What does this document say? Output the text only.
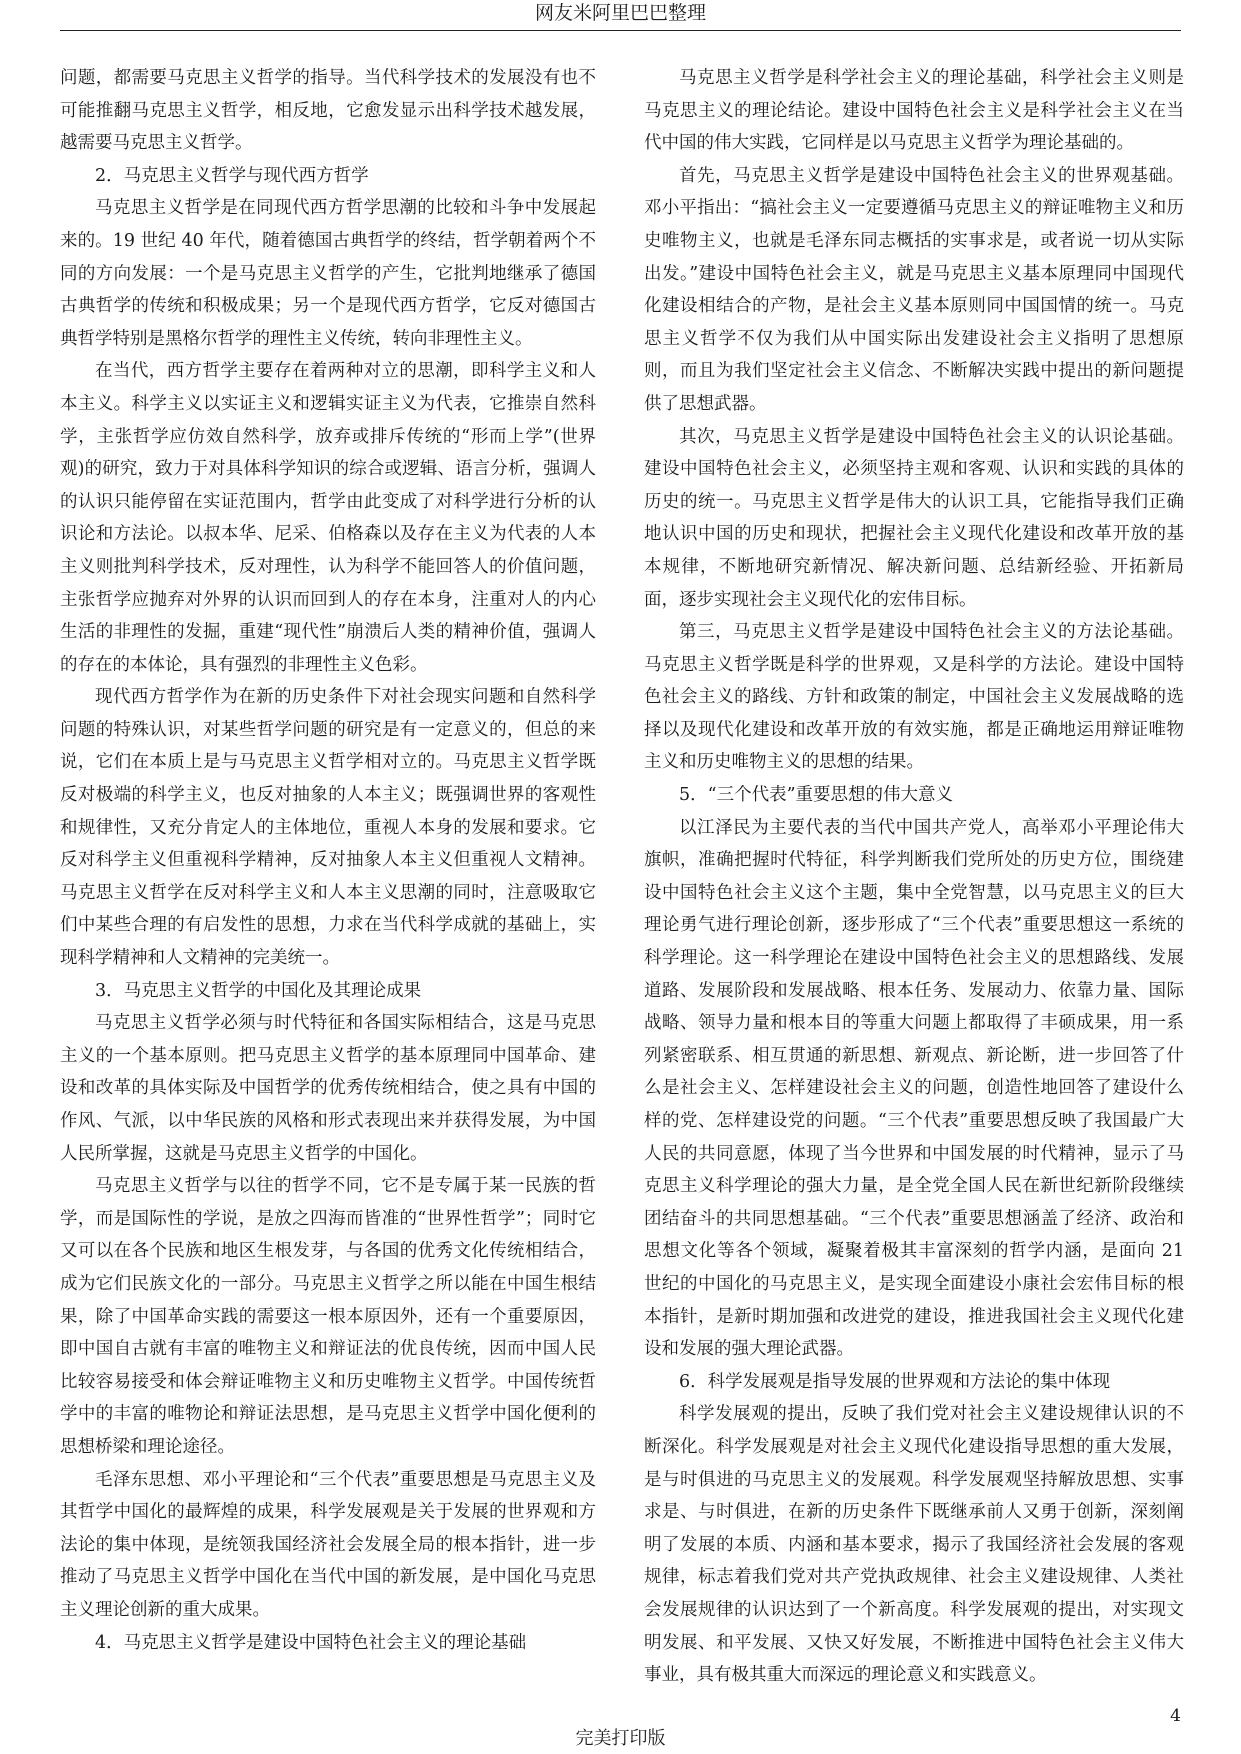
网友米阿里巴巴整理

问题，都需要马克思主义哲学的指导。当代科学技术的发展没有也不可能推翻马克思主义哲学，相反地，它愈发显示出科学技术越发展，越需要马克思主义哲学。

2．马克思主义哲学与现代西方哲学

马克思主义哲学是在同现代西方哲学思潮的比较和斗争中发展起来的。19 世纪 40 年代，随着德国古典哲学的终结，哲学朝着两个不同的方向发展：一个是马克思主义哲学的产生，它批判地继承了德国古典哲学的传统和积极成果；另一个是现代西方哲学，它反对德国古典哲学特别是黑格尔哲学的理性主义传统，转向非理性主义。

在当代，西方哲学主要存在着两种对立的思潮，即科学主义和人本主义。科学主义以实证主义和逻辑实证主义为代表，它推崇自然科学，主张哲学应仿效自然科学，放弃或排斥传统的“形而上学”(世界观)的研究，致力于对具体科学知识的综合或逻辑、语言分析，强调人的认识只能停留在实证范围内，哲学由此变成了对科学进行分析的认识论和方法论。以叔本华、尼采、伯格森以及存在主义为代表的人本主义则批判科学技术，反对理性，认为科学不能回答人的价值问题，主张哲学应抛弃对外界的认识而回到人的存在本身，注重对人的内心生活的非理性的发掘，重建“现代性”崩溃后人类的精神价值，强调人的存在的本体论，具有强烈的非理性主义色彩。

现代西方哲学作为在新的历史条件下对社会现实问题和自然科学问题的特殊认识，对某些哲学问题的研究是有一定意义的，但总的来说，它们在本质上是与马克思主义哲学相对立的。马克思主义哲学既反对极端的科学主义，也反对抽象的人本主义；既强调世界的客观性和规律性，又充分肯定人的主体地位，重视人本身的发展和要求。它反对科学主义但重视科学精神，反对抽象人本主义但重视人文精神。马克思主义哲学在反对科学主义和人本主义思潮的同时，注意吸取它们中某些合理的有启发性的思想，力求在当代科学成就的基础上，实现科学精神和人文精神的完美统一。

3．马克思主义哲学的中国化及其理论成果

马克思主义哲学必须与时代特征和各国实际相结合，这是马克思主义的一个基本原则。把马克思主义哲学的基本原理同中国革命、建设和改革的具体实际及中国哲学的优秀传统相结合，使之具有中国的作风、气派，以中华民族的风格和形式表现出来并获得发展，为中国人民所掌握，这就是马克思主义哲学的中国化。

马克思主义哲学与以往的哲学不同，它不是专属于某一民族的哲学，而是国际性的学说，是放之四海而皆准的“世界性哲学”；同时它又可以在各个民族和地区生根发芽，与各国的优秀文化传统相结合，成为它们民族文化的一部分。马克思主义哲学之所以能在中国生根结果，除了中国革命实践的需要这一根本原因外，还有一个重要原因，即中国自古就有丰富的唯物主义和辩证法的优良传统，因而中国人民比较容易接受和体会辩证唯物主义和历史唯物主义哲学。中国传统哲学中的丰富的唯物论和辩证法思想，是马克思主义哲学中国化便利的思想桥梁和理论途径。

毛泽东思想、邓小平理论和“三个代表”重要思想是马克思主义及其哲学中国化的最辉煌的成果，科学发展观是关于发展的世界观和方法论的集中体现，是统领我国经济社会发展全局的根本指针，进一步推动了马克思主义哲学中国化在当代中国的新发展，是中国化马克思主义理论创新的重大成果。

4．马克思主义哲学是建设中国特色社会主义的理论基础

马克思主义哲学是科学社会主义的理论基础，科学社会主义则是马克思主义的理论结论。建设中国特色社会主义是科学社会主义在当代中国的伟大实践，它同样是以马克思主义哲学为理论基础的。

首先，马克思主义哲学是建设中国特色社会主义的世界观基础。邓小平指出：“搞社会主义一定要遵循马克思主义的辩证唯物主义和历史唯物主义，也就是毛泽东同志概括的实事求是，或者说一切从实际出发。”建设中国特色社会主义，就是马克思主义基本原理同中国现代化建设相结合的产物，是社会主义基本原则同中国国情的统一。马克思主义哲学不仅为我们从中国实际出发建设社会主义指明了思想原则，而且为我们坚定社会主义信念、不断解决实践中提出的新问题提供了思想武器。

其次，马克思主义哲学是建设中国特色社会主义的认识论基础。建设中国特色社会主义，必须坚持主观和客观、认识和实践的具体的历史的统一。马克思主义哲学是伟大的认识工具，它能指导我们正确地认识中国的历史和现状，把握社会主义现代化建设和改革开放的基本规律，不断地研究新情况、解决新问题、总结新经验、开拓新局面，逐步实现社会主义现代化的宏伟目标。

第三，马克思主义哲学是建设中国特色社会主义的方法论基础。马克思主义哲学既是科学的世界观，又是科学的方法论。建设中国特色社会主义的路线、方针和政策的制定，中国社会主义发展战略的选择以及现代化建设和改革开放的有效实施，都是正确地运用辩证唯物主义和历史唯物主义的思想的结果。

5．“三个代表”重要思想的伟大意义

以江泽民为主要代表的当代中国共产党人，高举邓小平理论伟大旗帜，准确把握时代特征，科学判断我们党所处的历史方位，围绕建设中国特色社会主义这个主题，集中全党智慧，以马克思主义的巨大理论勇气进行理论创新，逐步形成了“三个代表”重要思想这一系统的科学理论。这一科学理论在建设中国特色社会主义的思想路线、发展道路、发展阶段和发展战略、根本任务、发展动力、依靠力量、国际战略、领导力量和根本目的等重大问题上都取得了丰硕成果，用一系列紧密联系、相互贯通的新思想、新观点、新论断，进一步回答了什么是社会主义、怎样建设社会主义的问题，创造性地回答了建设什么样的党、怎样建设党的问题。“三个代表”重要思想反映了我国最广大人民的共同意愿，体现了当今世界和中国发展的时代精神，显示了马克思主义科学理论的强大力量，是全党全国人民在新世纪新阶段继续团结奋斗的共同思想基础。“三个代表”重要思想涵盖了经济、政治和思想文化等各个领域，凝聚着极其丰富深刻的哲学内涵，是面向 21 世纪的中国化的马克思主义，是实现全面建设小康社会宏伟目标的根本指针，是新时期加强和改进党的建设，推进我国社会主义现代化建设和发展的强大理论武器。

6．科学发展观是指导发展的世界观和方法论的集中体现

科学发展观的提出，反映了我们党对社会主义建设规律认识的不断深化。科学发展观是对社会主义现代化建设指导思想的重大发展，是与时俱进的马克思主义的发展观。科学发展观坚持解放思想、实事求是、与时俱进，在新的历史条件下既继承前人又勇于创新，深刻阐明了发展的本质、内涵和基本要求，揭示了我国经济社会发展的客观规律，标志着我们党对共产党执政规律、社会主义建设规律、人类社会发展规律的认识达到了一个新高度。科学发展观的提出，对实现文明发展、和平发展、又快又好发展，不断推进中国特色社会主义伟大事业，具有极其重大而深远的理论意义和实践意义。

4
完美打印版
